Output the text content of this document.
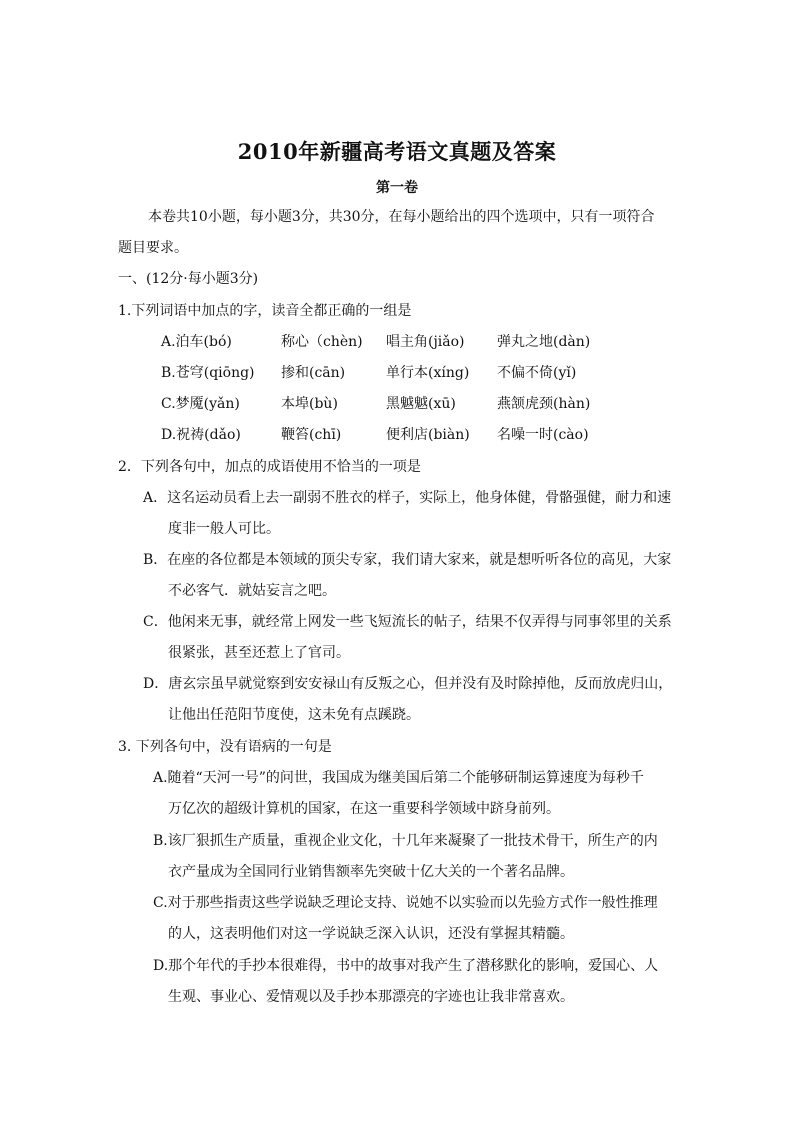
2010年新疆高考语文真题及答案
第一卷
本卷共10小题，每小题3分，共30分，在每小题给出的四个选项中，只有一项符合
题目要求。
一、(12分·每小题3分)
1.下列词语中加点的字，读音全都正确的一组是
A.泊车(bó)	称心（chèn) 唱主角(jiǎo) 弹丸之地(dàn)
B.苍穹(qiōng) 掺和(cān)	单行本(xíng) 不偏不倚(yǐ)
C.梦魇(yǎn)	本埠(bù)	黑魆魆(xū)	燕颔虎颈(hàn)
D.祝祷(dǎo)	鞭笞(chī)	便利店(biàn) 名噪一时(cào)
2．下列各句中，加点的成语使用不恰当的一项是
A．这名运动员看上去一副弱不胜衣的样子，实际上，他身体健，骨骼强健，耐力和速
度非一般人可比。
B．在座的各位都是本领域的顶尖专家，我们请大家来，就是想听听各位的高见，大家
不必客气．就姑妄言之吧。
C．他闲来无事，就经常上网发一些飞短流长的帖子，结果不仅弄得与同事邻里的关系
很紧张，甚至还惹上了官司。
D．唐玄宗虽早就觉察到安安禄山有反叛之心，但并没有及时除掉他，反而放虎归山，
让他出任范阳节度使，这未免有点蹊跷。
3. 下列各句中，没有语病的一句是
A.随着“天河一号”的问世，我国成为继美国后第二个能够研制运算速度为每秒千
万亿次的超级计算机的国家，在这一重要科学领域中跻身前列。
B.该厂狠抓生产质量，重视企业文化，十几年来凝聚了一批技术骨干，所生产的内
衣产量成为全国同行业销售额率先突破十亿大关的一个著名品牌。
C.对于那些指责这些学说缺乏理论支持、说她不以实验而以先验方式作一般性推理
的人，这表明他们对这一学说缺乏深入认识，还没有掌握其精髓。
D.那个年代的手抄本很难得，书中的故事对我产生了潜移默化的影响，爱国心、人
生观、事业心、爱情观以及手抄本那漂亮的字迹也让我非常喜欢。
